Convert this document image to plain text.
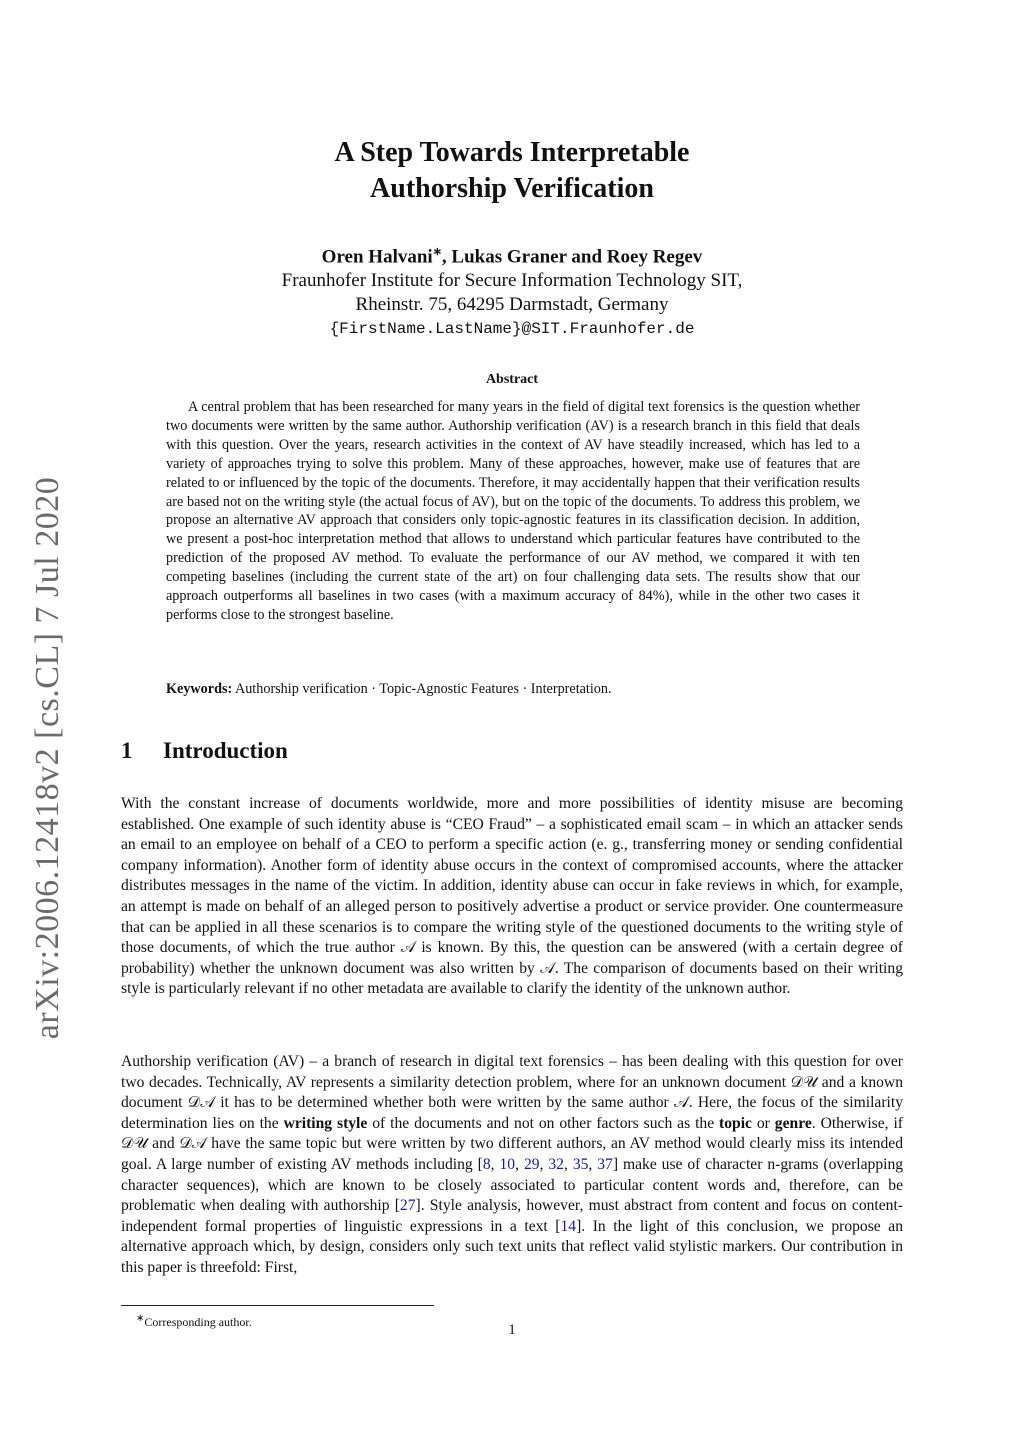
arXiv:2006.12418v2 [cs.CL] 7 Jul 2020
A Step Towards Interpretable
Authorship Verification
Oren Halvani∗, Lukas Graner and Roey Regev
Fraunhofer Institute for Secure Information Technology SIT,
Rheinstr. 75, 64295 Darmstadt, Germany
{FirstName.LastName}@SIT.Fraunhofer.de
Abstract

A central problem that has been researched for many years in the field of digital text forensics is the question whether two documents were written by the same author. Authorship verification (AV) is a research branch in this field that deals with this question. Over the years, research activities in the context of AV have steadily increased, which has led to a variety of approaches trying to solve this problem. Many of these approaches, however, make use of features that are related to or influenced by the topic of the documents. Therefore, it may accidentally happen that their verification results are based not on the writing style (the actual focus of AV), but on the topic of the documents. To address this problem, we propose an alternative AV approach that considers only topic-agnostic features in its classification decision. In addition, we present a post-hoc interpretation method that allows to understand which particular features have contributed to the prediction of the proposed AV method. To evaluate the performance of our AV method, we compared it with ten competing baselines (including the current state of the art) on four challenging data sets. The results show that our approach outperforms all baselines in two cases (with a maximum accuracy of 84%), while in the other two cases it performs close to the strongest baseline.

Keywords: Authorship verification · Topic-Agnostic Features · Interpretation.

1 Introduction

With the constant increase of documents worldwide, more and more possibilities of identity misuse are becoming established. One example of such identity abuse is “CEO Fraud” – a sophisticated email scam – in which an attacker sends an email to an employee on behalf of a CEO to perform a specific action (e. g., transferring money or sending confidential company information). Another form of identity abuse occurs in the context of compromised accounts, where the attacker distributes messages in the name of the victim. In addition, identity abuse can occur in fake reviews in which, for example, an attempt is made on behalf of an alleged person to positively advertise a product or service provider. One countermeasure that can be applied in all these scenarios is to compare the writing style of the questioned documents to the writing style of those documents, of which the true author 𝒜 is known. By this, the question can be answered (with a certain degree of probability) whether the unknown document was also written by 𝒜. The comparison of documents based on their writing style is particularly relevant if no other metadata are available to clarify the identity of the unknown author.

Authorship verification (AV) – a branch of research in digital text forensics – has been dealing with this question for over two decades. Technically, AV represents a similarity detection problem, where for an unknown document 𝒟𝒰 and a known document 𝒟𝒜 it has to be determined whether both were written by the same author 𝒜. Here, the focus of the similarity determination lies on the writing style of the documents and not on other factors such as the topic or genre. Otherwise, if 𝒟𝒰 and 𝒟𝒜 have the same topic but were written by two different authors, an AV method would clearly miss its intended goal. A large number of existing AV methods including [8, 10, 29, 32, 35, 37] make use of character n-grams (overlapping character sequences), which are known to be closely associated to particular content words and, therefore, can be problematic when dealing with authorship [27]. Style analysis, however, must abstract from content and focus on content-independent formal properties of linguistic expressions in a text [14]. In the light of this conclusion, we propose an alternative approach which, by design, considers only such text units that reflect valid stylistic markers. Our contribution in this paper is threefold: First,

∗Corresponding author.	1
